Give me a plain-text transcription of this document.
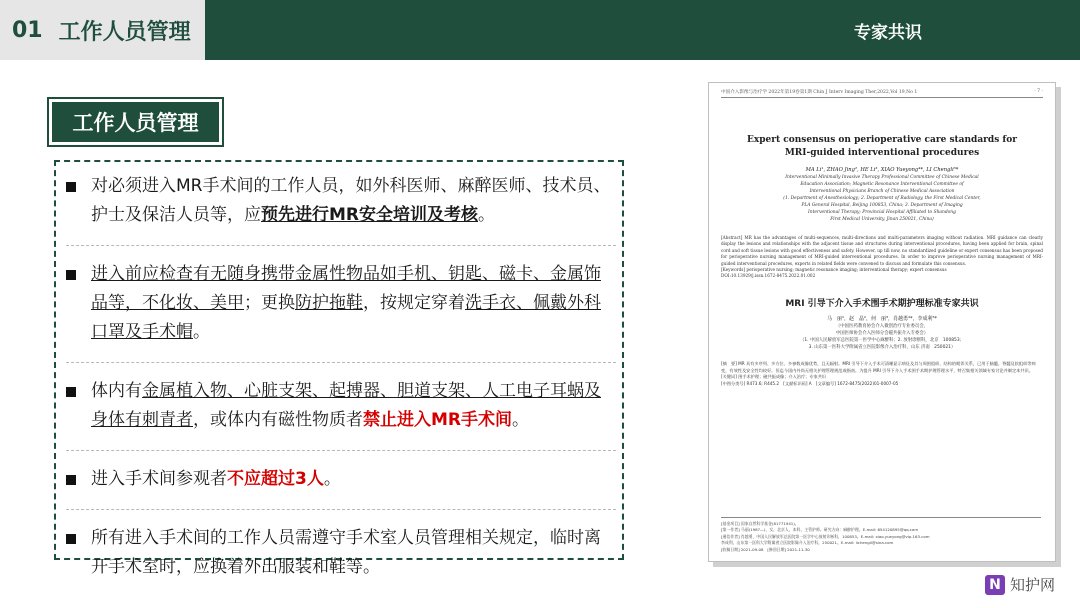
01 工作人员管理	专家共识
工作人员管理
对必须进入MR手术间的工作人员，如外科医师、麻醉医师、技术员、护士及保洁人员等，应预先进行MR安全培训及考核。
进入前应检查有无随身携带金属性物品如手机、钥匙、磁卡、金属饰品等，不化妆、美甲；更换防护拖鞋，按规定穿着洗手衣、佩戴外科口罩及手术帽。
体内有金属植入物、心脏支架、起搏器、胆道支架、人工电子耳蜗及身体有刺青者，或体内有磁性物质者禁止进入MR手术间。
进入手术间参观者不应超过3人。
所有进入手术间的工作人员需遵守手术室人员管理相关规定，临时离开手术室时，应换着外出服装和鞋等。
中国介入影像与治疗学 2022年第19卷第1期 Chin J Interv Imaging Ther,2022,Vol 19,No 1	· 7 ·
Expert consensus on perioperative care standards for
MRI-guided interventional procedures
MA Li¹, ZHAO Jing², HE Li³, XIAO Yueyong⁴*, LI Chengli⁵*
Interventional Minimally Invasive Therapy Professional Committee of Chinese Medical
Education Association; Magnetic Resonance Interventional Committee of
Interventional Physicians Branch of Chinese Medical Association
(1. Department of Anesthesiology; 2. Department of Radiology, the First Medical Center,
PLA General Hospital, Beijing 100853, China; 3. Department of Imaging
Interventional Therapy; Provincial Hospital Affiliated to Shandong
First Medical University, Jinan 250021, China)
[Abstract] MR has the advantages of multi-sequences, multi-directions and multi-parameters imaging without radiation. MRI guidance can clearly display the lesions and relationships with the adjacent tissue and structures during interventional procedures, having been applied for brain, spinal cord and soft tissue lesions with good effectiveness and safety. However, up till now, no standardized guideline or expert consensus has been proposed for perioperative nursing management of MRI-guided interventional procedures. In order to improve perioperative nursing management of MRI-guided interventional procedures, experts in related fields were convened to discuss and formulate this consensus.
[Keywords] perioperative nursing; magnetic resonance imaging; interventional therapy; expert consensus
DOI:10.13929/j.issn.1672-8475.2022.01.002
MRI 引导下介入手术围手术期护理标准专家共识
马　丽¹，赵　晶²，何　丽³，肖越勇⁴*，李成利⁵*
（中国医药教育协会介入微创治疗专业委员会，
中国医师协会介入医师分会磁共振介入专委会）
（1. 中国人民解放军总医院第一医学中心麻醉科；2. 放射诊断科，北京　100853；
3. 山东第一医科大学附属省立医院影像介入治疗科，山东 济南　250021）
[摘　要] MR 具有多序列、多方位、多参数成像优势，且无辐射。MRI 引导下介入手术可清晰显示病灶及其与周围组织、结构的毗邻关系，已用于脑髓、脊髓及软组织等病变，有效性及安全性均较好。但迄今国内外尚无相关护理管理规范或指南。为提升 MRI 引导下介入手术围手术期护理管理水平，特召集相关领域专家讨论并制定本共识。
[关键词] 围手术护理；磁共振成像；介入治疗；专家共识
[中图分类号] R473.6; R445.2　[文献标识码] A　[文章编号] 1672-8475(2022)01-0007-05
[基金项目] 国家自然科学基金(81771941)。
[第一作者] 马丽(1987—)，女，北京人，本科，主管护师。研究方向：麻醉护理。E-mail: 654120895@qq.com
[通信作者] 肖越勇，中国人民解放军总医院第一医学中心放射诊断科，100853。E-mail: xiao.yueyong@vip.163.com
李成利，山东第一医科大学附属省立医院影像介入治疗科，250021。E-mail: lichengli@sina.com
[收稿日期] 2021-09-08　[修回日期] 2021-11-30
N 知护网
